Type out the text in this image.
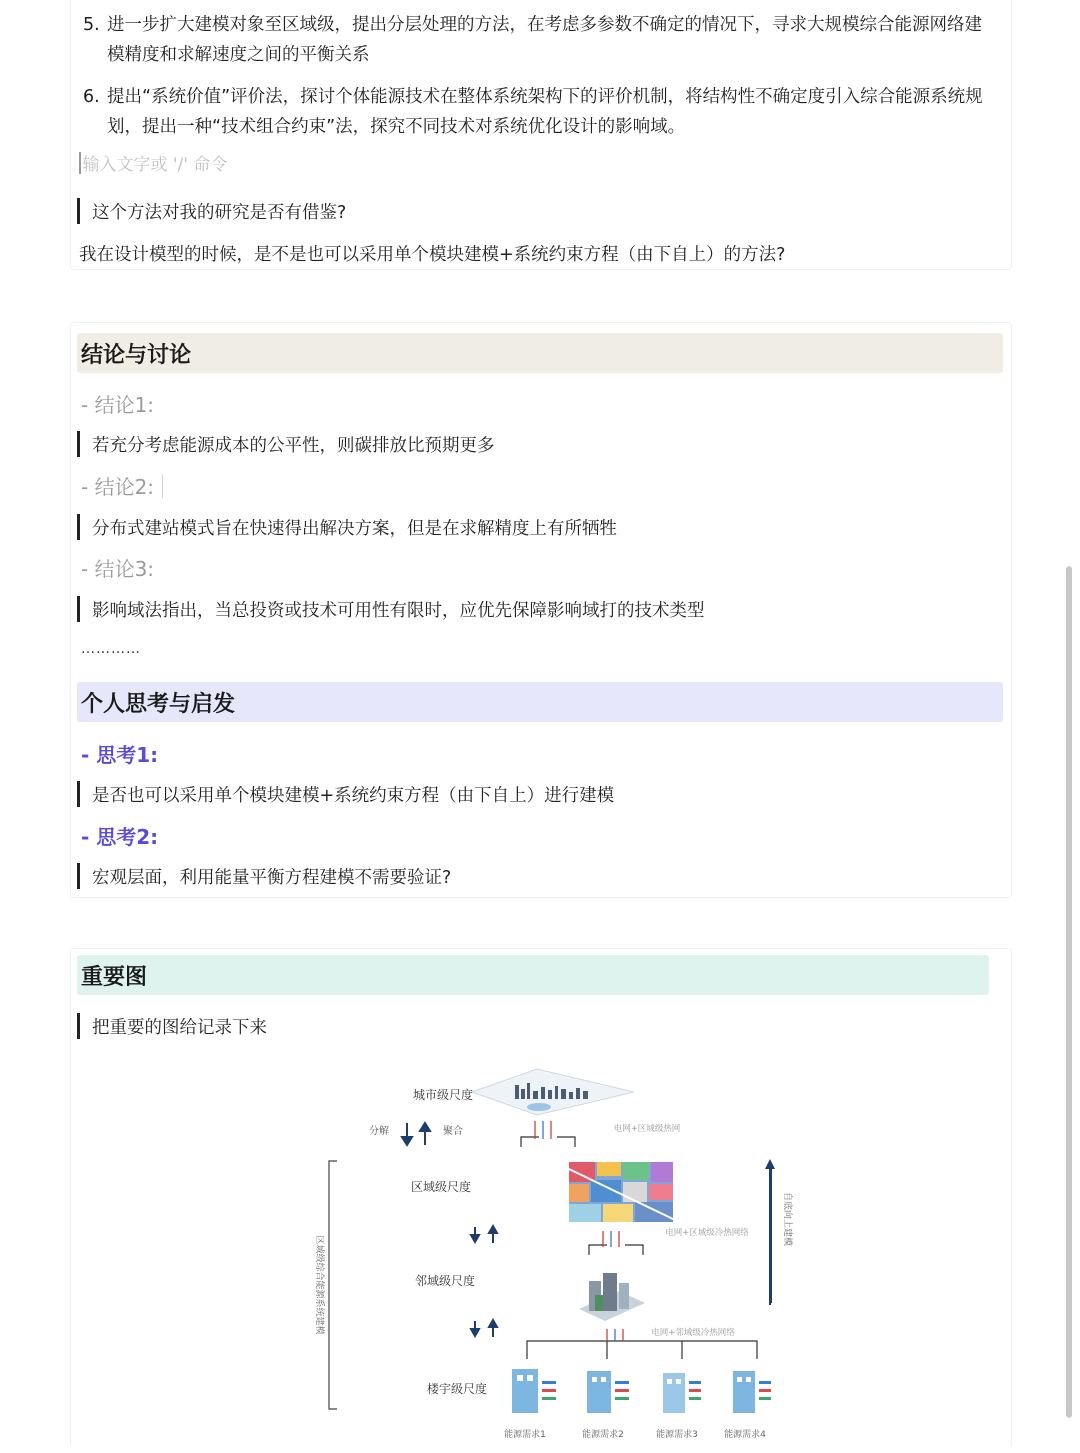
5. 进一步扩大建模对象至区域级，提出分层处理的方法，在考虑多参数不确定的情况下，寻求大规模综合能源网络建模精度和求解速度之间的平衡关系
6. 提出“系统价值”评价法，探讨个体能源技术在整体系统架构下的评价机制，将结构性不确定度引入综合能源系统规划，提出一种“技术组合约束”法，探究不同技术对系统优化设计的影响域。
输入文字或 '/' 命令
这个方法对我的研究是否有借鉴?
我在设计模型的时候，是不是也可以采用单个模块建模+系统约束方程（由下自上）的方法?
结论与讨论
- 结论1:
若充分考虑能源成本的公平性，则碳排放比预期更多
- 结论2:
分布式建站模式旨在快速得出解决方案，但是在求解精度上有所牺牲
- 结论3:
影响域法指出，当总投资或技术可用性有限时，应优先保障影响域打的技术类型
…………
个人思考与启发
- 思考1:
是否也可以采用单个模块建模+系统约束方程（由下自上）进行建模
- 思考2:
宏观层面，利用能量平衡方程建模不需要验证?
重要图
把重要的图给记录下来
城市级尺度
分解	聚合	电网+区域级热网
区域级综合能源系统建模
区域级尺度
电网+区域级冷热网络
邻域级尺度
自底向上建模
电网+邻域级冷热网络
楼宇级尺度
能源需求1	能源需求2	能源需求3	能源需求4
